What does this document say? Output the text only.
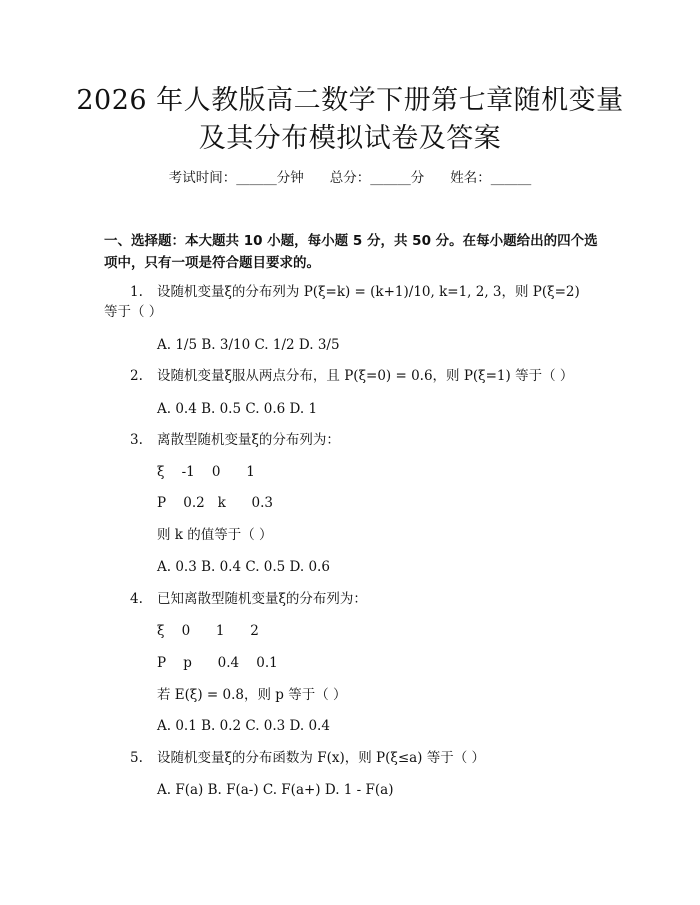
2026 年人教版高二数学下册第七章随机变量
及其分布模拟试卷及答案
考试时间：______分钟 总分：______分 姓名：______
一、选择题：本大题共 10 小题，每小题 5 分，共 50 分。在每小题给出的四个选
项中，只有一项是符合题目要求的。
1. 设随机变量ξ的分布列为 P(ξ=k) = (k+1)/10, k=1, 2, 3，则 P(ξ=2)
等于（ ）
A. 1/5 B. 3/10 C. 1/2 D. 3/5
2. 设随机变量ξ服从两点分布，且 P(ξ=0) = 0.6，则 P(ξ=1) 等于（ ）
A. 0.4 B. 0.5 C. 0.6 D. 1
3. 离散型随机变量ξ的分布列为：
ξ    -1    0      1
P    0.2   k      0.3
则 k 的值等于（ ）
A. 0.3 B. 0.4 C. 0.5 D. 0.6
4. 已知离散型随机变量ξ的分布列为：
ξ    0      1      2
P    p      0.4    0.1
若 E(ξ) = 0.8，则 p 等于（ ）
A. 0.1 B. 0.2 C. 0.3 D. 0.4
5. 设随机变量ξ的分布函数为 F(x)，则 P(ξ≤a) 等于（ ）
A. F(a) B. F(a-) C. F(a+) D. 1 - F(a)
